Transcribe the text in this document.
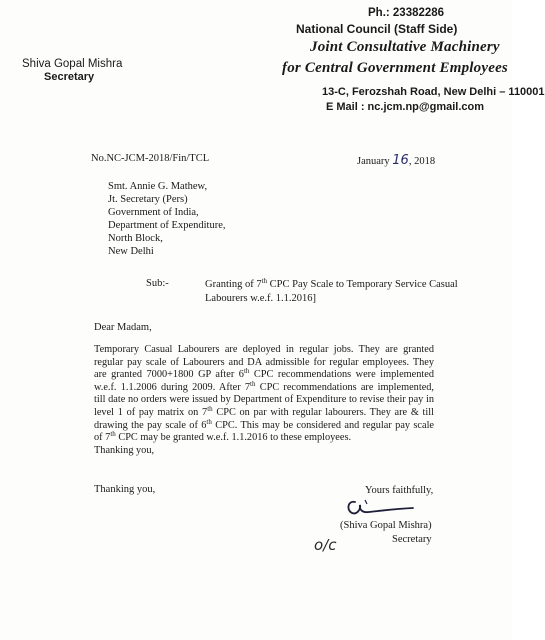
Shiva Gopal Mishra
Secretary
Ph.: 23382286
National Council (Staff Side)
Joint Consultative Machinery
for Central Government Employees
13-C, Ferozshah Road, New Delhi – 110001
E Mail : nc.jcm.np@gmail.com
No.NC-JCM-2018/Fin/TCL	January 16, 2018
Smt. Annie G. Mathew,
Jt. Secretary (Pers)
Government of India,
Department of Expenditure,
North Block,
New Delhi
Sub:-	Granting of 7th CPC Pay Scale to Temporary Service Casual
Labourers w.e.f. 1.1.2016]
Dear Madam,
Temporary Casual Labourers are deployed in regular jobs. They are granted
regular pay scale of Labourers and DA admissible for regular employees. They
are granted 7000+1800 GP after 6th CPC recommendations were implemented
w.e.f. 1.1.2006 during 2009. After 7th CPC recommendations are implemented,
till date no orders were issued by Department of Expenditure to revise their pay in
level 1 of pay matrix on 7th CPC on par with regular labourers. They are & till
drawing the pay scale of 6th CPC. This may be considered and regular pay scale
of 7th CPC may be granted w.e.f. 1.1.2016 to these employees.
Thanking you,
Thanking you,	Yours faithfully,
o/c
(Shiva Gopal Mishra)
Secretary
